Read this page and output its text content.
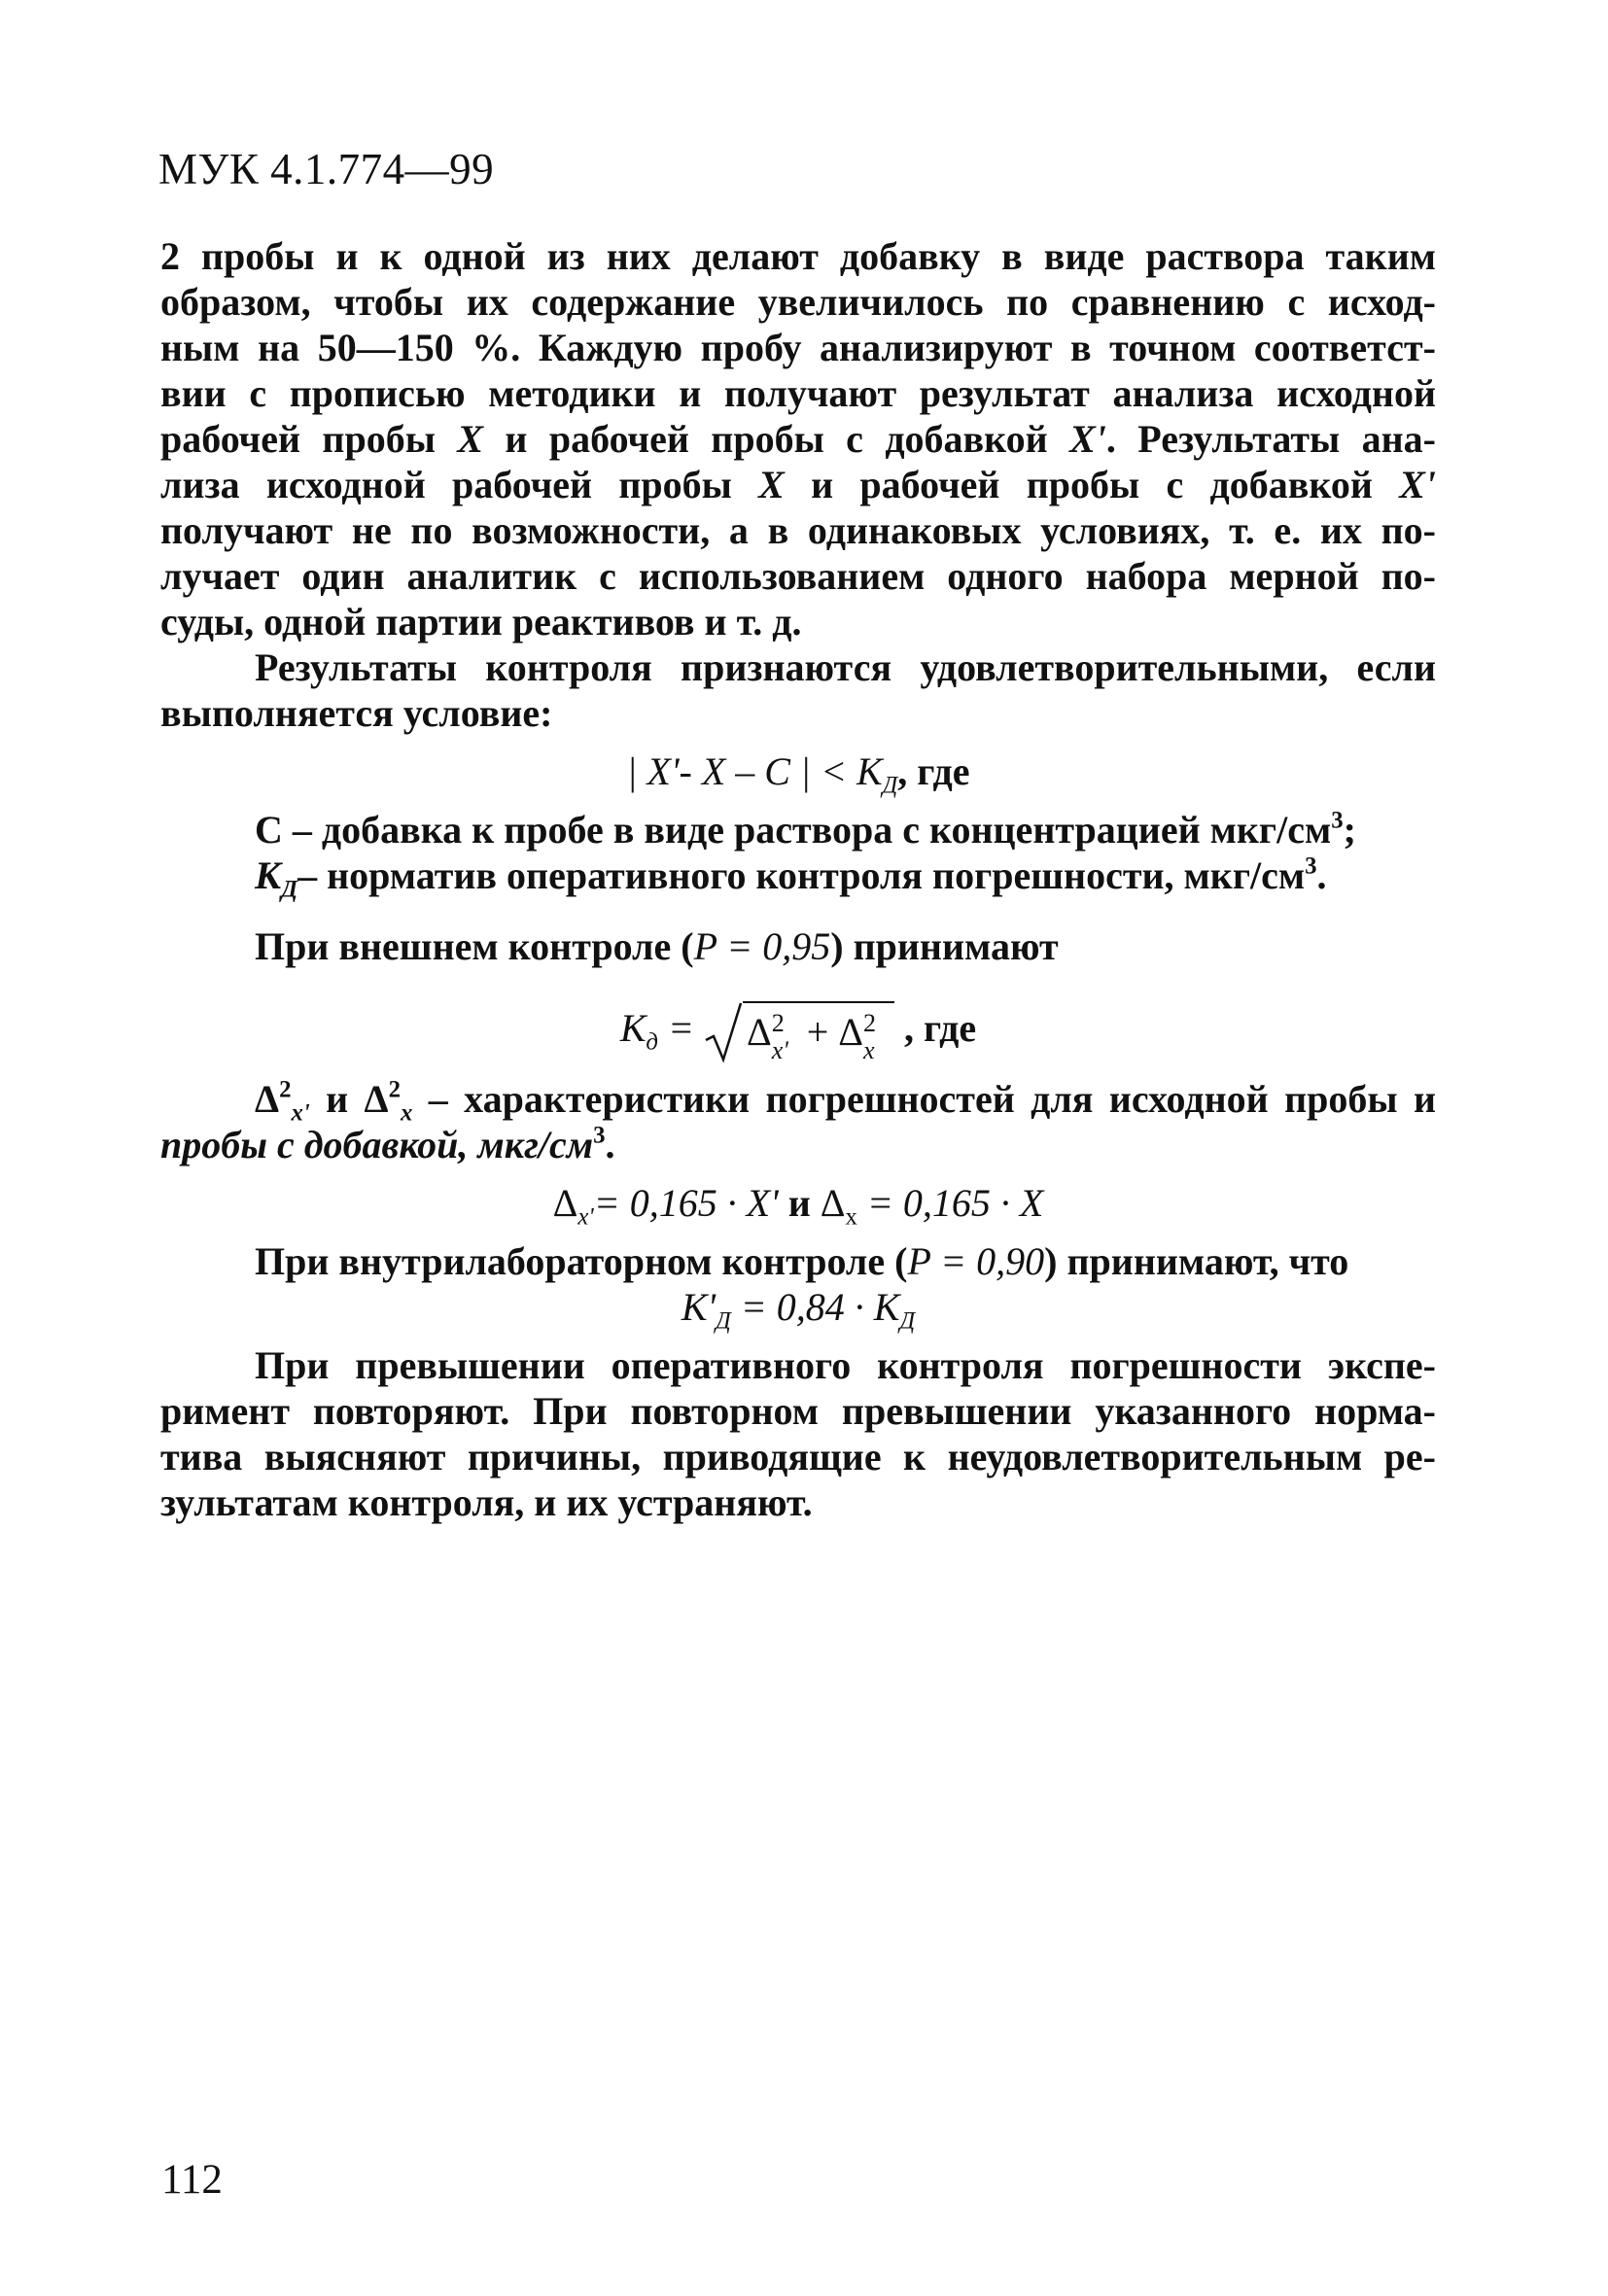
МУК 4.1.774—99

2 пробы и к одной из них делают добавку в виде раствора таким

образом, чтобы их содержание увеличилось по сравнению с исход-

ным на 50—150 %. Каждую пробу анализируют в точном соответст-

вии с прописью методики и получают результат анализа исходной

рабочей пробы X и рабочей пробы с добавкой X'. Результаты ана-

лиза исходной рабочей пробы X и рабочей пробы с добавкой X'

получают не по возможности, а в одинаковых условиях, т. е. их по-

лучает один аналитик с использованием одного набора мерной по-

суды, одной партии реактивов и т. д.

Результаты контроля признаются удовлетворительными, если

выполняется условие:

| X'- X – C | < $К_Д$, где

С – добавка к пробе в виде раствора с концентрацией мкг/$см^3$;

$К_Д-$ норматив оперативного контроля погрешности, мкг/$см^3$.

При внешнем контроле (P = 0,95) принимают

$К_д = \Delta$ 2
x' + Δ 2
x
, где

$\Delta^2_{x'}$ и $\Delta^2_x$ – характеристики погрешностей для исходной пробы и

пробы с добавкой, мкг/$см^3$.

$\Delta_{x'}= 0,165 \cdot X'$ и $\Delta_x = 0,165 \cdot X$

При внутрилабораторном контроле (P = 0,90) принимают, что

$К'_Д = 0,84 \cdot К_Д$

При превышении оперативного контроля погрешности экспе-

римент повторяют. При повторном превышении указанного норма-

тива выясняют причины, приводящие к неудовлетворительным ре-

зультатам контроля, и их устраняют.

112
